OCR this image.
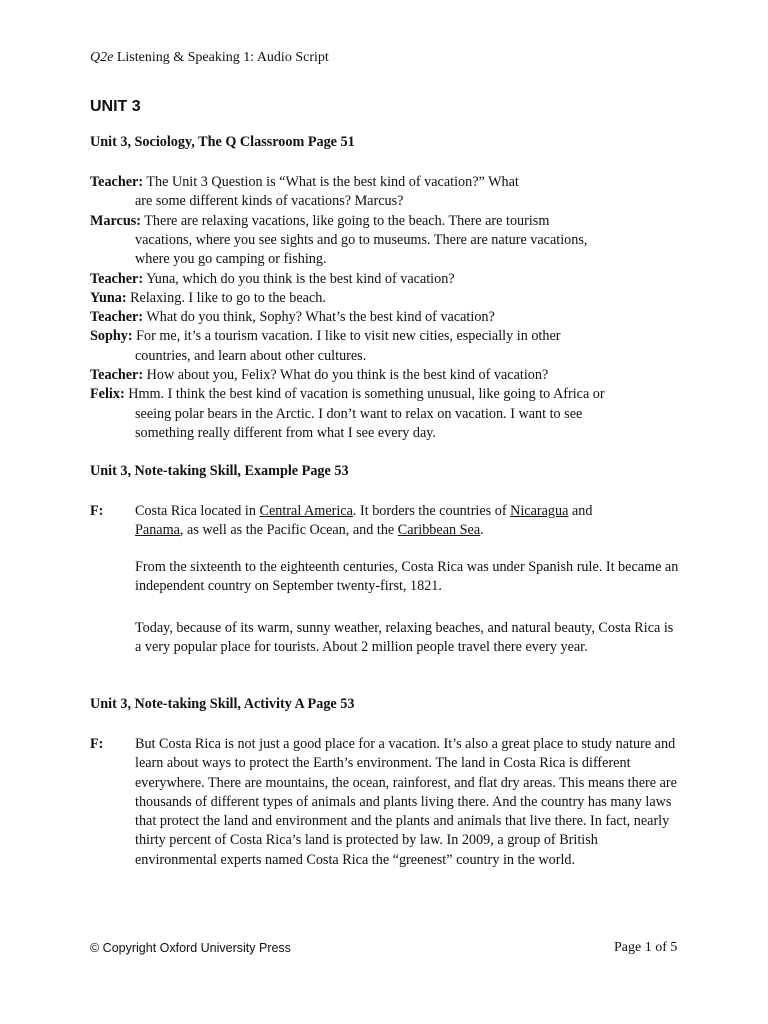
Q2e Listening & Speaking 1: Audio Script
UNIT 3
Unit 3, Sociology, The Q Classroom Page 51
Teacher: The Unit 3 Question is “What is the best kind of vacation?” What
are some different kinds of vacations? Marcus?
Marcus: There are relaxing vacations, like going to the beach. There are tourism
vacations, where you see sights and go to museums. There are nature vacations,
where you go camping or fishing.
Teacher: Yuna, which do you think is the best kind of vacation?
Yuna: Relaxing. I like to go to the beach.
Teacher: What do you think, Sophy? What’s the best kind of vacation?
Sophy: For me, it’s a tourism vacation. I like to visit new cities, especially in other
countries, and learn about other cultures.
Teacher: How about you, Felix? What do you think is the best kind of vacation?
Felix: Hmm. I think the best kind of vacation is something unusual, like going to Africa or
seeing polar bears in the Arctic. I don’t want to relax on vacation. I want to see
something really different from what I see every day.
Unit 3, Note-taking Skill, Example Page 53
F: Costa Rica located in Central America. It borders the countries of Nicaragua and
Panama, as well as the Pacific Ocean, and the Caribbean Sea.
From the sixteenth to the eighteenth centuries, Costa Rica was under Spanish rule. It became an independent country on September twenty-first, 1821.
Today, because of its warm, sunny weather, relaxing beaches, and natural beauty, Costa Rica is a very popular place for tourists. About 2 million people travel there every year.
Unit 3, Note-taking Skill, Activity A Page 53
F: But Costa Rica is not just a good place for a vacation. It’s also a great place to study nature and learn about ways to protect the Earth’s environment. The land in Costa Rica is different everywhere. There are mountains, the ocean, rainforest, and flat dry areas. This means there are thousands of different types of animals and plants living there. And the country has many laws that protect the land and environment and the plants and animals that live there. In fact, nearly thirty percent of Costa Rica’s land is protected by law. In 2009, a group of British environmental experts named Costa Rica the “greenest” country in the world.
© Copyright Oxford University Press	Page 1 of 5
